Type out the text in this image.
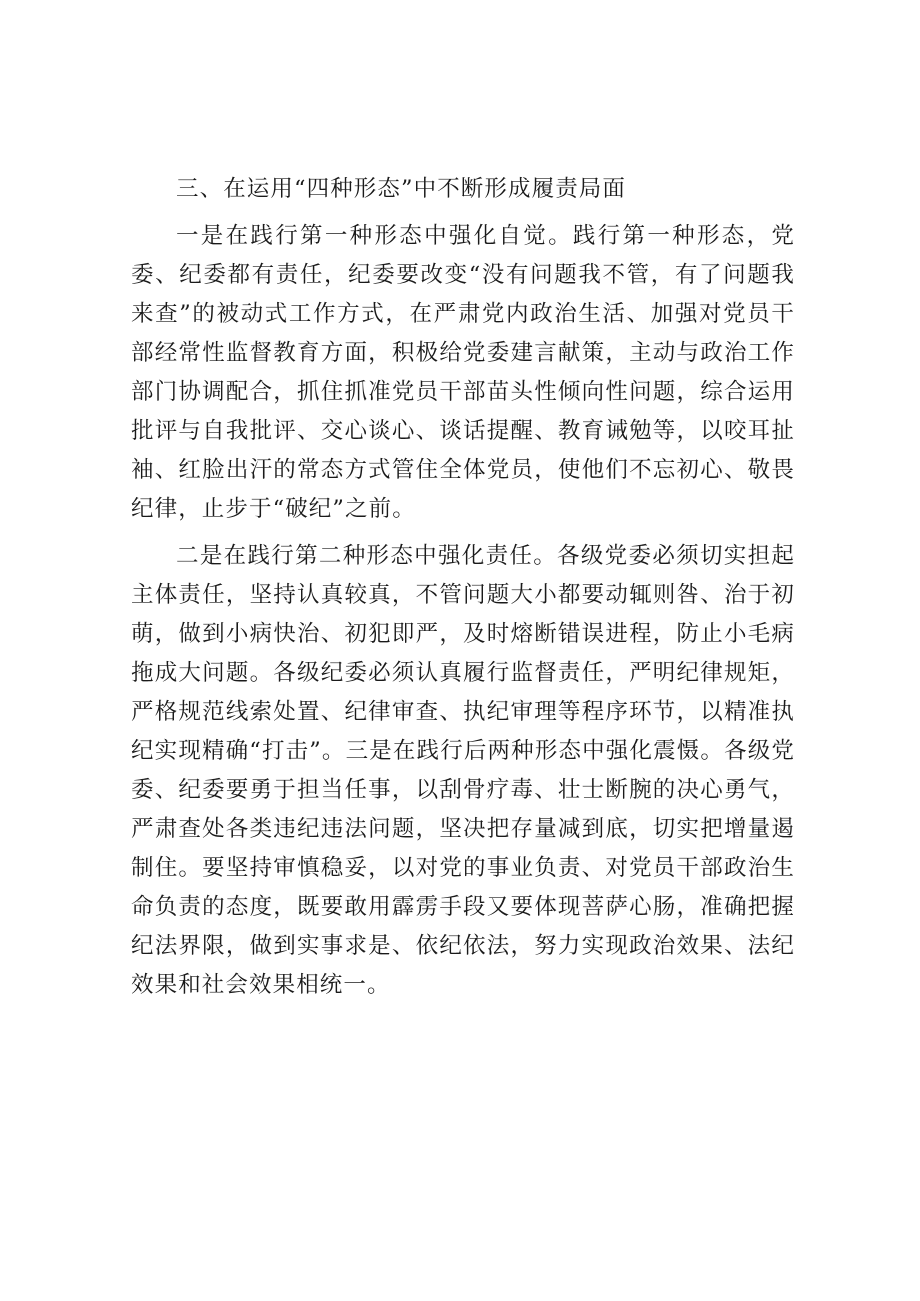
三、在运用“四种形态”中不断形成履责局面

一是在践行第一种形态中强化自觉。践行第一种形态，党委、纪委都有责任，纪委要改变“没有问题我不管，有了问题我来查”的被动式工作方式，在严肃党内政治生活、加强对党员干部经常性监督教育方面，积极给党委建言献策，主动与政治工作部门协调配合，抓住抓准党员干部苗头性倾向性问题，综合运用批评与自我批评、交心谈心、谈话提醒、教育诫勉等，以咬耳扯袖、红脸出汗的常态方式管住全体党员，使他们不忘初心、敬畏纪律，止步于“破纪”之前。

二是在践行第二种形态中强化责任。各级党委必须切实担起主体责任，坚持认真较真，不管问题大小都要动辄则咎、治于初萌，做到小病快治、初犯即严，及时熔断错误进程，防止小毛病拖成大问题。各级纪委必须认真履行监督责任，严明纪律规矩，严格规范线索处置、纪律审查、执纪审理等程序环节，以精准执纪实现精确“打击”。三是在践行后两种形态中强化震慑。各级党委、纪委要勇于担当任事，以刮骨疗毒、壮士断腕的决心勇气，严肃查处各类违纪违法问题，坚决把存量减到底，切实把增量遏制住。要坚持审慎稳妥，以对党的事业负责、对党员干部政治生命负责的态度，既要敢用霹雳手段又要体现菩萨心肠，准确把握纪法界限，做到实事求是、依纪依法，努力实现政治效果、法纪效果和社会效果相统一。
